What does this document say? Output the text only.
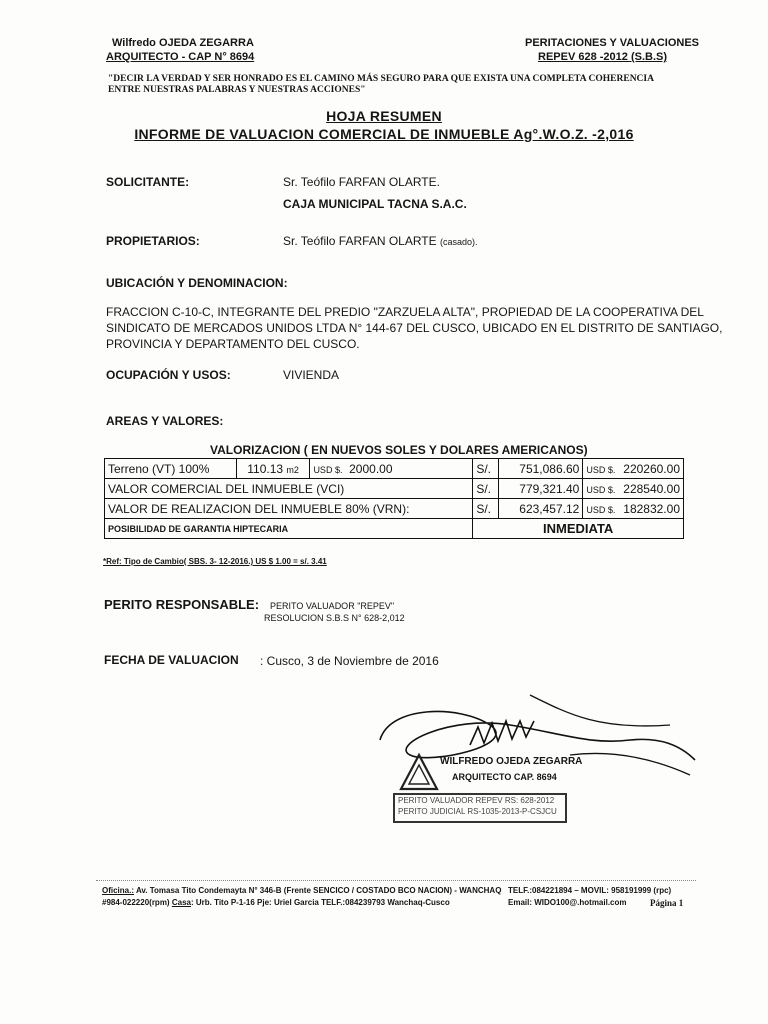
Wilfredo OJEDA ZEGARRA
ARQUITECTO - CAP N° 8694
PERITACIONES Y VALUACIONES
REPEV 628 -2012 (S.B.S)
"DECIR LA VERDAD Y SER HONRADO ES EL CAMINO MÁS SEGURO PARA QUE EXISTA UNA COMPLETA COHERENCIA
ENTRE NUESTRAS PALABRAS Y NUESTRAS ACCIONES"
HOJA RESUMEN
INFORME DE VALUACION COMERCIAL DE INMUEBLE Ag°.W.O.Z. -2,016
SOLICITANTE:	Sr. Teófilo FARFAN OLARTE.
CAJA MUNICIPAL TACNA S.A.C.
PROPIETARIOS:	Sr. Teófilo FARFAN OLARTE (casado).
UBICACIÓN Y DENOMINACION:
FRACCION C-10-C, INTEGRANTE DEL PREDIO "ZARZUELA ALTA", PROPIEDAD DE LA COOPERATIVA DEL
SINDICATO DE MERCADOS UNIDOS LTDA N° 144-67 DEL CUSCO, UBICADO EN EL DISTRITO DE SANTIAGO,
PROVINCIA Y DEPARTAMENTO DEL CUSCO.
OCUPACIÓN Y USOS:	VIVIENDA
AREAS Y VALORES:
VALORIZACION ( EN NUEVOS SOLES Y DOLARES AMERICANOS)
Terreno (VT) 100%	110.13 m2	USD $. 2000.00	S/.	751,086.60	USD $. 220260.00

VALOR COMERCIAL DEL INMUEBLE (VCI)			S/.	779,321.40	USD $. 228540.00

VALOR DE REALIZACION DEL INMUEBLE 80% (VRN):			S/.	623,457.12	USD $. 182832.00

POSIBILIDAD DE GARANTIA HIPTECARIA			INMEDIATA		
*Ref: Tipo de Cambio( SBS. 3- 12-2016.) US $ 1.00 = s/. 3.41
PERITO RESPONSABLE: PERITO VALUADOR "REPEV"
RESOLUCION S.B.S N° 628-2,012
FECHA DE VALUACION : Cusco, 3 de Noviembre de 2016
WILFREDO OJEDA ZEGARRA
ARQUITECTO CAP. 8694
PERITO VALUADOR REPEV RS: 628-2012
PERITO JUDICIAL RS-1035-2013-P-CSJCU
Oficina.: Av. Tomasa Tito Condemayta N° 346-B (Frente SENCICO / COSTADO BCO NACION) - WANCHAQ TELF.:084221894 – MOVIL: 958191999 (rpc)
#984-022220(rpm) Casa: Urb. Tito P-1-16 Pje: Uriel Garcia TELF.:084239793 Wanchaq-Cusco	Email: WIDO100@.hotmail.com	Página 1
